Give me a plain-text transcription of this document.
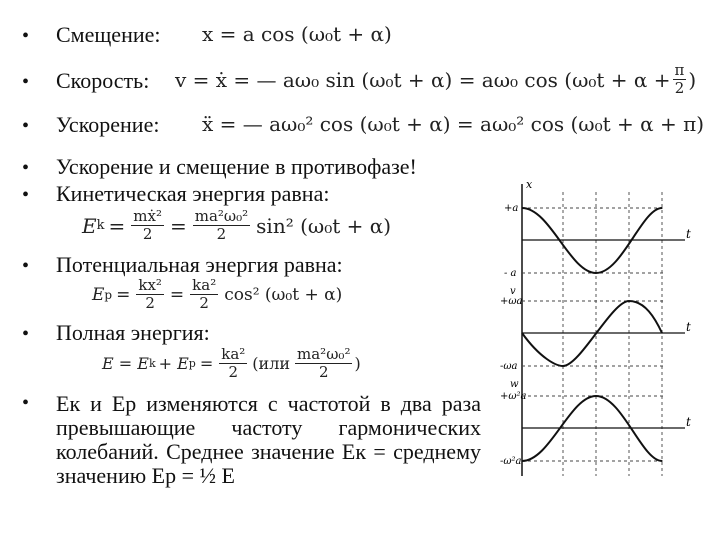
•	Смещение: x = a cos (ω₀t + α)
•	Скорость: v = ẋ = — aω₀ sin (ω₀t + α) = aω₀ $\cos (\omega_0t + \alpha + \frac{\pi}{2}$ )
•	Ускорение: ẍ = — aω₀² cos (ω₀t + α) = aω₀² cos (ω₀t + α + π)
•	Ускорение и смещение в противофазе!
•	Кинетическая энергия равна:
E $k = \frac{\text{mẋ²}}{2} = \frac{\text{ma²ω₀²}}{2} \sin^2$ (ω₀t + α)
•	Потенциальная энергия равна:
E $p = \frac{\text{kx²}}{2} = \frac{\text{ka²}}{2} \cos^2$ (ω₀t + α)
•	Полная энергия:
E = E k + E $p = \frac{\text{ka²}}{2} (или \frac{\text{ma²ω₀²}}{2}$ )
•	Ек и Ер изменяются с частотой в два раза превышающие частоту гармонических колебаний. Среднее значение Ек = среднему значению Ер = ½ Е
x
t
t
t
+a
- a
v
+ωa
-ωa
w
+ω²a
-ω²a
